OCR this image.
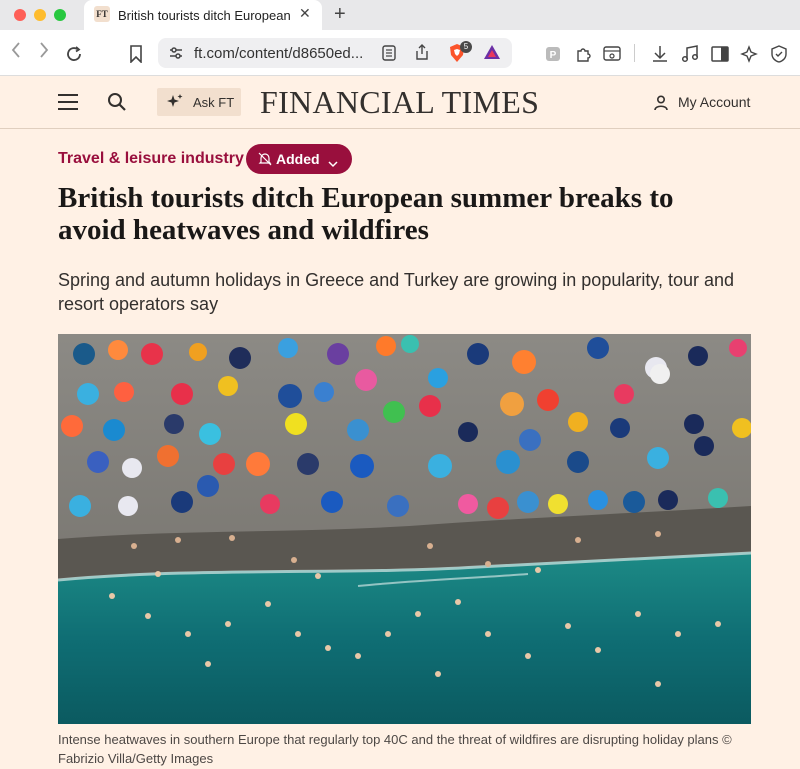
FT British tourists ditch European ✕ +
ft.com/content/d8650ed...	5
P
Ask FT FINANCIAL TIMES	My Account
Travel & leisure industry Added
British tourists ditch European summer breaks to avoid heatwaves and wildfires

Spring and autumn holidays in Greece and Turkey are growing in popularity, tour and resort operators say

Intense heatwaves in southern Europe that regularly top 40C and the threat of wildfires are disrupting holiday plans © Fabrizio Villa/Getty Images
